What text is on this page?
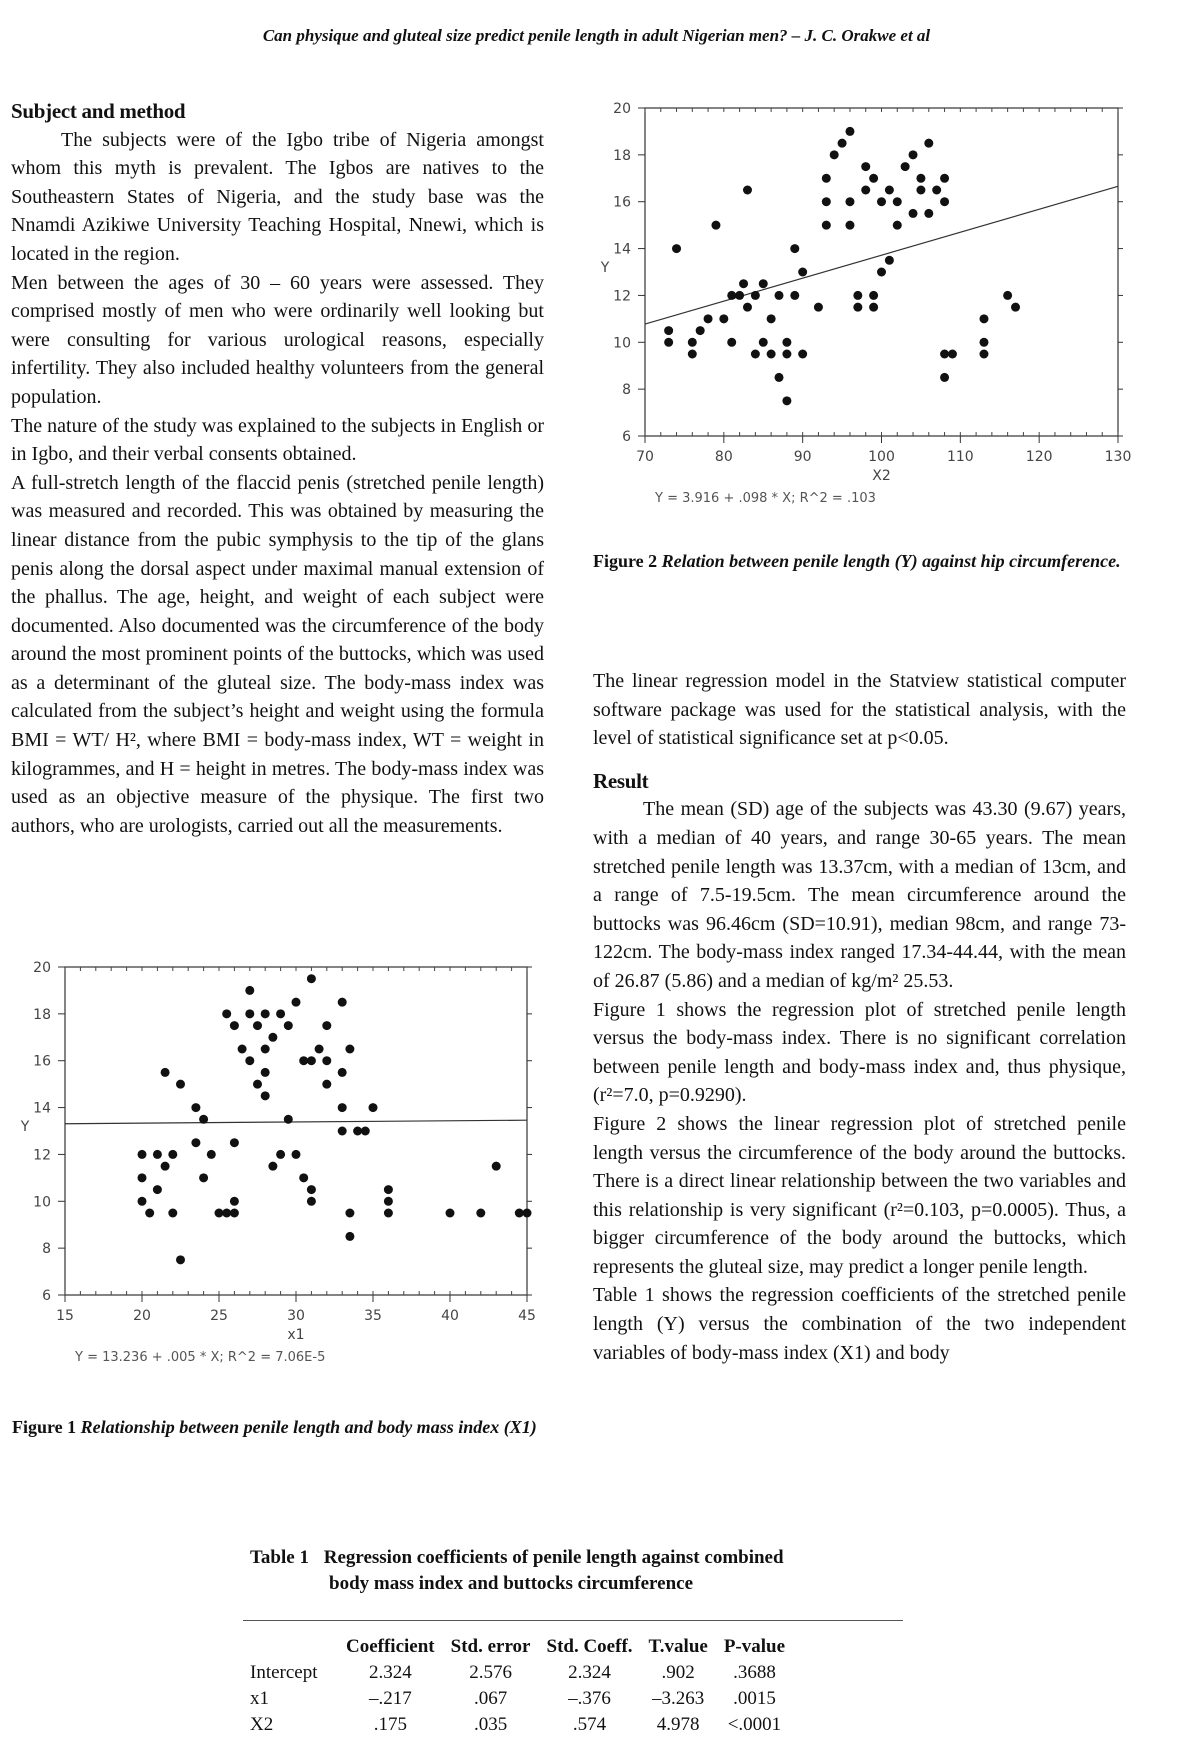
Can physique and gluteal size predict penile length in adult Nigerian men? – J. C. Orakwe et al

Subject and method

The subjects were of the Igbo tribe of Nigeria amongst whom this myth is prevalent. The Igbos are natives to the Southeastern States of Nigeria, and the study base was the Nnamdi Azikiwe University Teaching Hospital, Nnewi, which is located in the region.

Men between the ages of 30 – 60 years were assessed. They comprised mostly of men who were ordinarily well looking but were consulting for various urological reasons, especially infertility. They also included healthy volunteers from the general population.

The nature of the study was explained to the subjects in English or in Igbo, and their verbal consents obtained.

A full-stretch length of the flaccid penis (stretched penile length) was measured and recorded. This was obtained by measuring the linear distance from the pubic symphysis to the tip of the glans penis along the dorsal aspect under maximal manual extension of the phallus. The age, height, and weight of each subject were documented. Also documented was the circumference of the body around the most prominent points of the buttocks, which was used as a determinant of the gluteal size. The body-mass index was calculated from the subject’s height and weight using the formula BMI = WT/ H², where BMI = body-mass index, WT = weight in kilogrammes, and H = height in metres. The body-mass index was used as an objective measure of the physique. The first two authors, who are urologists, carried out all the measurements.

15	20	25	30	35	40	45
6
8
10
12
14
16
18
20
x1
Y
Y = 13.236 + .005 * X; R^2 = 7.06E-5
Figure 1 Relationship between penile length and body mass index (X1)
70	80	90	100	110	120	130
6
8
10
12
14
16
18
20
X2
Y
Y = 3.916 + .098 * X; R^2 = .103
Figure 2 Relation between penile length (Y) against hip circumference.

The linear regression model in the Statview statistical computer software package was used for the statistical analysis, with the level of statistical significance set at p<0.05.

Result

The mean (SD) age of the subjects was 43.30 (9.67) years, with a median of 40 years, and range 30-65 years. The mean stretched penile length was 13.37cm, with a median of 13cm, and a range of 7.5-19.5cm. The mean circumference around the buttocks was 96.46cm (SD=10.91), median 98cm, and range 73-122cm. The body-mass index ranged 17.34-44.44, with the mean of 26.87 (5.86) and a median of kg/m² 25.53.

Figure 1 shows the regression plot of stretched penile length versus the body-mass index. There is no significant correlation between penile length and body-mass index and, thus physique, (r²=7.0, p=0.9290).

Figure 2 shows the linear regression plot of stretched penile length versus the circumference of the body around the buttocks. There is a direct linear relationship between the two variables and this relationship is very significant (r²=0.103, p=0.0005). Thus, a bigger circumference of the body around the buttocks, which represents the gluteal size, may predict a longer penile length.

Table 1 shows the regression coefficients of the stretched penile length (Y) versus the combination of the two independent variables of body-mass index (X1) and body

Table 1 Regression coefficients of penile length against combined
body mass index and buttocks circumference
	Coefficient	Std. error	Std. Coeff.	T.value	P-value
Intercept	2.324	2.576	2.324	.902	.3688
x1	–.217	.067	–.376	–3.263	.0015
X2	.175	.035	.574	4.978	<.0001
